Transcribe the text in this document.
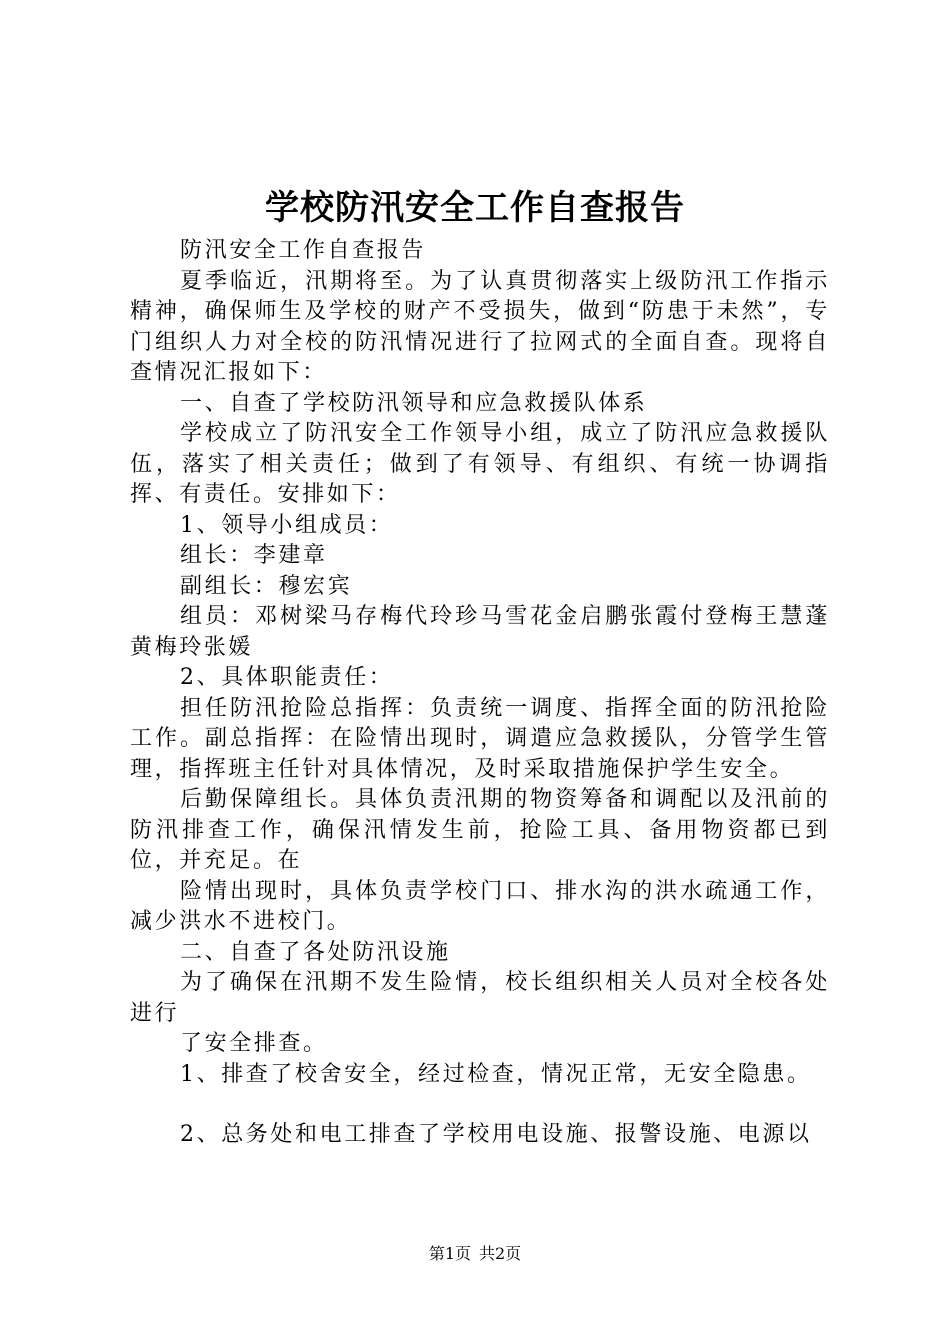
学校防汛安全工作自查报告

防汛安全工作自查报告

夏季临近，汛期将至。为了认真贯彻落实上级防汛工作指示精神，确保师生及学校的财产不受损失，做到“防患于未然”，专门组织人力对全校的防汛情况进行了拉网式的全面自查。现将自查情况汇报如下：

一、自查了学校防汛领导和应急救援队体系

学校成立了防汛安全工作领导小组，成立了防汛应急救援队伍，落实了相关责任；做到了有领导、有组织、有统一协调指挥、有责任。安排如下：

1、领导小组成员：

组长：李建章

副组长：穆宏宾

组员：邓树梁马存梅代玲珍马雪花金启鹏张霞付登梅王慧蓬黄梅玲张媛

2、具体职能责任：

担任防汛抢险总指挥：负责统一调度、指挥全面的防汛抢险工作。副总指挥：在险情出现时，调遣应急救援队，分管学生管理，指挥班主任针对具体情况，及时采取措施保护学生安全。

后勤保障组长。具体负责汛期的物资筹备和调配以及汛前的防汛排查工作，确保汛情发生前，抢险工具、备用物资都已到位，并充足。在

险情出现时，具体负责学校门口、排水沟的洪水疏通工作，减少洪水不进校门。

二、自查了各处防汛设施

为了确保在汛期不发生险情，校长组织相关人员对全校各处进行

了安全排查。

1、排查了校舍安全，经过检查，情况正常，无安全隐患。

2、总务处和电工排查了学校用电设施、报警设施、电源以

第1页 共2页
